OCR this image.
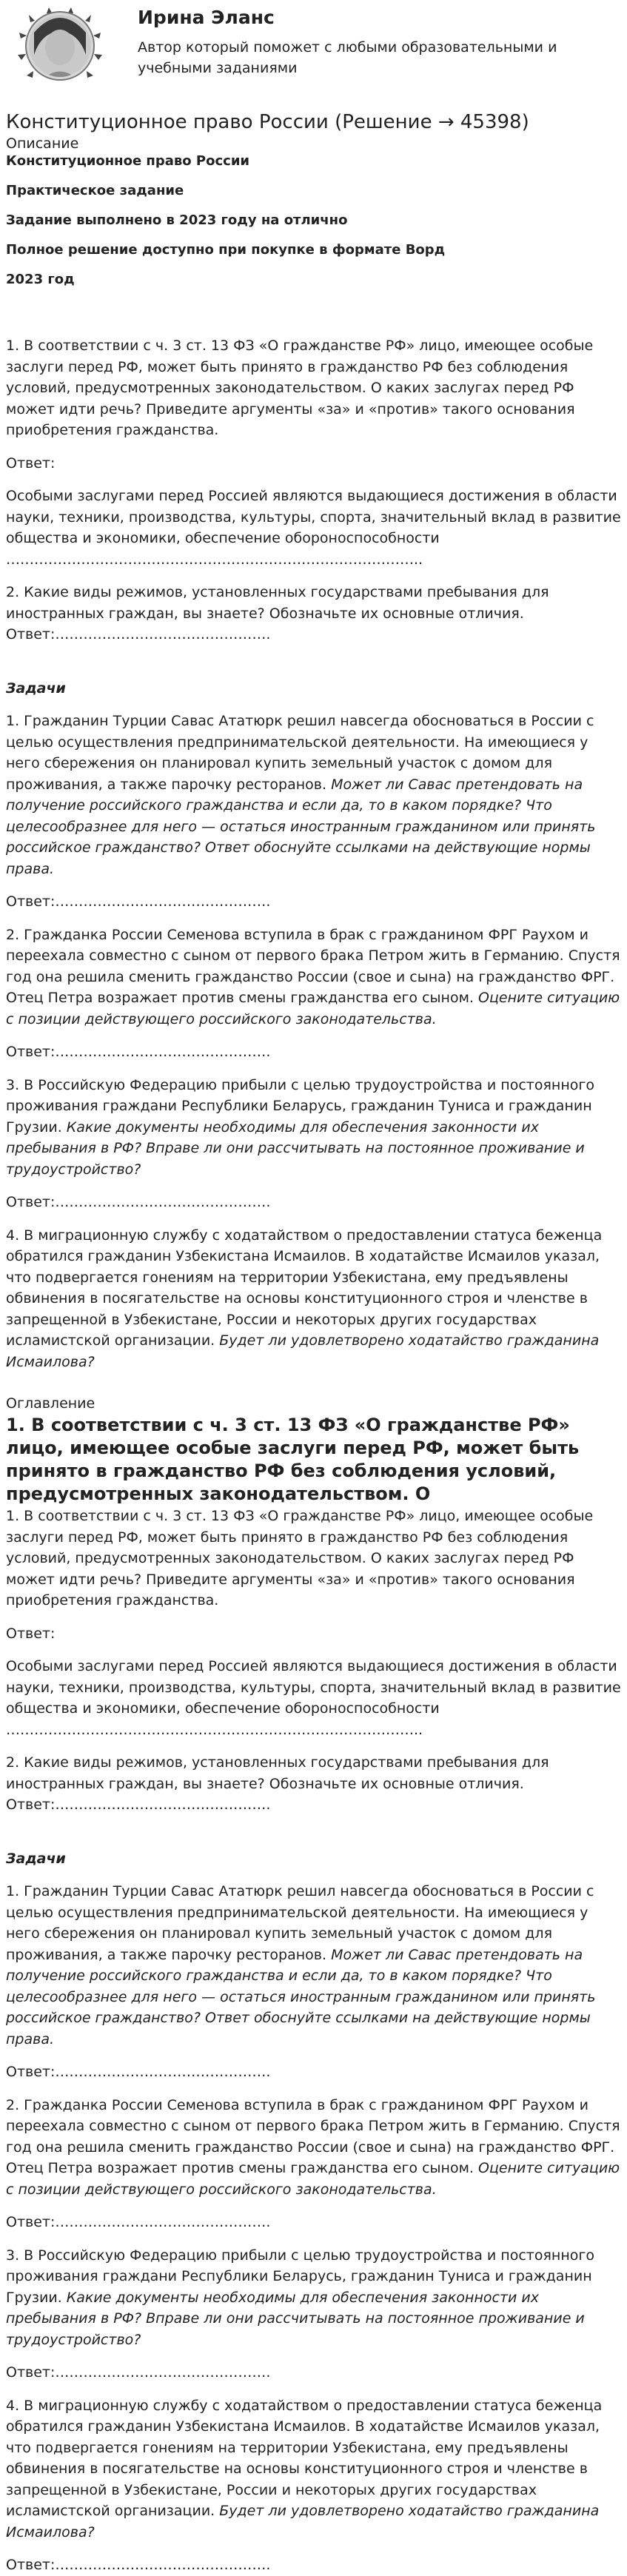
Ирина Эланс
Автор который поможет с любыми образовательными и учебными заданиями
Конституционное право России (Решение → 45398)
Описание
Конституционное право России
Практическое задание
Задание выполнено в 2023 году на отлично
Полное решение доступно при покупке в формате Ворд
2023 год

1. В соответствии с ч. 3 ст. 13 ФЗ «О гражданстве РФ» лицо, имеющее особые заслуги перед РФ, может быть принято в гражданство РФ без соблюдения условий, предусмотренных законодательством. О каких заслугах перед РФ может идти речь? Приведите аргументы «за» и «против» такого основания приобретения гражданства.

Ответ:

Особыми заслугами перед Россией являются выдающиеся достижения в области науки, техники, производства, культуры, спорта, значительный вклад в развитие общества и экономики, обеспечение обороноспособности

……………………………………………………………………………..

2. Какие виды режимов, установленных государствами пребывания для иностранных граждан, вы знаете? Обозначьте их основные отличия.

Ответ:……………………………………….

Задачи

1. Гражданин Турции Савас Ататюрк решил навсегда обосноваться в России с целью осуществления предпринимательской деятельности. На имеющиеся у него сбережения он планировал купить земельный участок с домом для проживания, а также парочку ресторанов. Может ли Савас претендовать на получение российского гражданства и если да, то в каком порядке? Что целесообразнее для него — остаться иностранным гражданином или принять российское гражданство? Ответ обоснуйте ссылками на действующие нормы права.

Ответ:……………………………………….

2. Гражданка России Семенова вступила в брак с гражданином ФРГ Раухом и переехала совместно с сыном от первого брака Петром жить в Германию. Спустя год она решила сменить гражданство России (свое и сына) на гражданство ФРГ. Отец Петра возражает против смены гражданства его сыном. Оцените ситуацию с позиции действующего российского законодательства.

Ответ:……………………………………….

3. В Российскую Федерацию прибыли с целью трудоустройства и постоянного проживания граждани Республики Беларусь, гражданин Туниса и гражданин Грузии. Какие документы необходимы для обеспечения законности их пребывания в РФ? Вправе ли они рассчитывать на постоянное проживание и трудоустройство?

Ответ:……………………………………….

4. В миграционную службу с ходатайством о предоставлении статуса беженца обратился гражданин Узбекистана Исмаилов. В ходатайстве Исмаилов указал, что подвергается гонениям на территории Узбекистана, ему предъявлены обвинения в посягательстве на основы конституционного строя и членстве в запрещенной в Узбекистане, России и некоторых других государствах исламистской организации. Будет ли удовлетворено ходатайство гражданина Исмаилова?

Оглавление
1. В соответствии с ч. 3 ст. 13 ФЗ «О гражданстве РФ» лицо, имеющее особые заслуги перед РФ, может быть принято в гражданство РФ без соблюдения условий, предусмотренных законодательством. О

1. В соответствии с ч. 3 ст. 13 ФЗ «О гражданстве РФ» лицо, имеющее особые заслуги перед РФ, может быть принято в гражданство РФ без соблюдения условий, предусмотренных законодательством. О каких заслугах перед РФ может идти речь? Приведите аргументы «за» и «против» такого основания приобретения гражданства.

Ответ:

Особыми заслугами перед Россией являются выдающиеся достижения в области науки, техники, производства, культуры, спорта, значительный вклад в развитие общества и экономики, обеспечение обороноспособности

……………………………………………………………………………..

2. Какие виды режимов, установленных государствами пребывания для иностранных граждан, вы знаете? Обозначьте их основные отличия.

Ответ:……………………………………….

Задачи

1. Гражданин Турции Савас Ататюрк решил навсегда обосноваться в России с целью осуществления предпринимательской деятельности. На имеющиеся у него сбережения он планировал купить земельный участок с домом для проживания, а также парочку ресторанов. Может ли Савас претендовать на получение российского гражданства и если да, то в каком порядке? Что целесообразнее для него — остаться иностранным гражданином или принять российское гражданство? Ответ обоснуйте ссылками на действующие нормы права.

Ответ:……………………………………….

2. Гражданка России Семенова вступила в брак с гражданином ФРГ Раухом и переехала совместно с сыном от первого брака Петром жить в Германию. Спустя год она решила сменить гражданство России (свое и сына) на гражданство ФРГ. Отец Петра возражает против смены гражданства его сыном. Оцените ситуацию с позиции действующего российского законодательства.

Ответ:……………………………………….

3. В Российскую Федерацию прибыли с целью трудоустройства и постоянного проживания граждани Республики Беларусь, гражданин Туниса и гражданин Грузии. Какие документы необходимы для обеспечения законности их пребывания в РФ? Вправе ли они рассчитывать на постоянное проживание и трудоустройство?

Ответ:……………………………………….

4. В миграционную службу с ходатайством о предоставлении статуса беженца обратился гражданин Узбекистана Исмаилов. В ходатайстве Исмаилов указал, что подвергается гонениям на территории Узбекистана, ему предъявлены обвинения в посягательстве на основы конституционного строя и членстве в запрещенной в Узбекистане, России и некоторых других государствах исламистской организации. Будет ли удовлетворено ходатайство гражданина Исмаилова?

Ответ:……………………………………….
